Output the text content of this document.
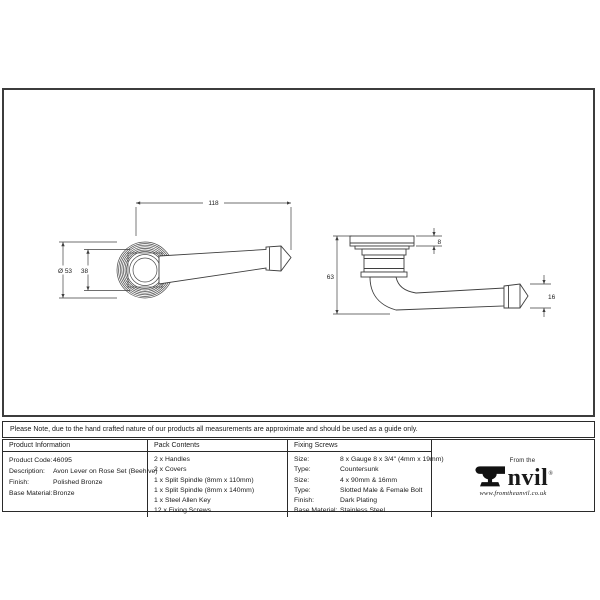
118
Ø 53 38
63
8
16
Please Note, due to the hand crafted nature of our products all measurements are approximate and should be used as a guide only.
Product Information
Product Code: 46095
Description:	Avon Lever on Rose Set (Beehive)
Finish:	Polished Bronze
Base Material: Bronze
Pack Contents
2 x Handles
2 x Covers
1 x Split Spindle (8mm x 110mm)
1 x Split Spindle (8mm x 140mm)
1 x Steel Allen Key
12 x Fixing Screws
Fixing Screws
Size:	8 x Gauge 8 x 3/4" (4mm x 19mm)
Type:	Countersunk
Size:	4 x 90mm & 16mm
Type:	Slotted Male & Female Bolt
Finish:	Dark Plating
Base Material: Stainless Steel
From the
nvil®
www.fromtheanvil.co.uk
